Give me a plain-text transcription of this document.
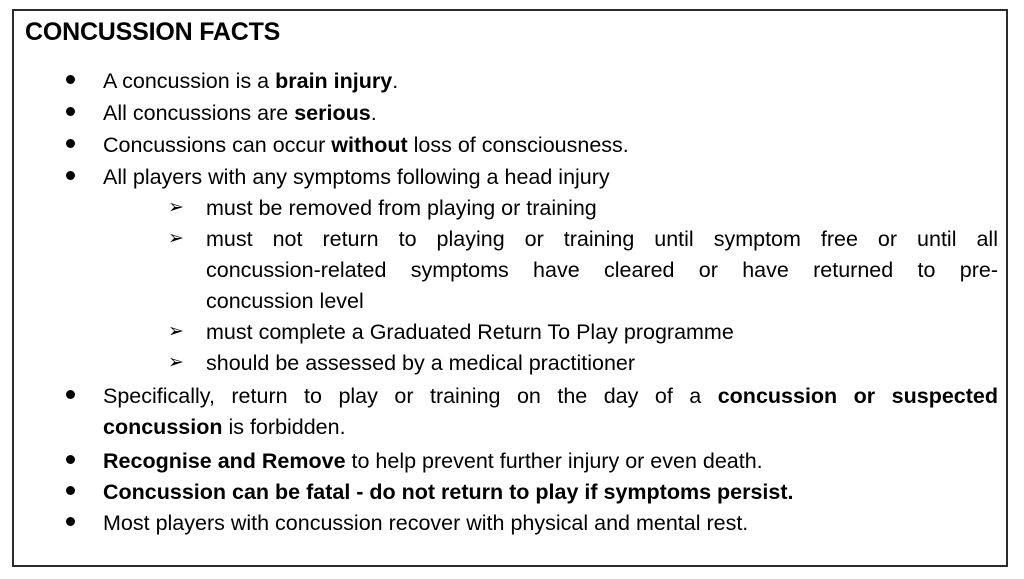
CONCUSSION FACTS
A concussion is a brain injury.
All concussions are serious.
Concussions can occur without loss of consciousness.
All players with any symptoms following a head injury
➢ must be removed from playing or training
➢ must not return to playing or training until symptom free or until all
concussion-related symptoms have cleared or have returned to pre-
concussion level
➢ must complete a Graduated Return To Play programme
➢ should be assessed by a medical practitioner
Specifically, return to play or training on the day of a concussion or suspected
concussion is forbidden.
Recognise and Remove to help prevent further injury or even death.
Concussion can be fatal - do not return to play if symptoms persist.
Most players with concussion recover with physical and mental rest.
